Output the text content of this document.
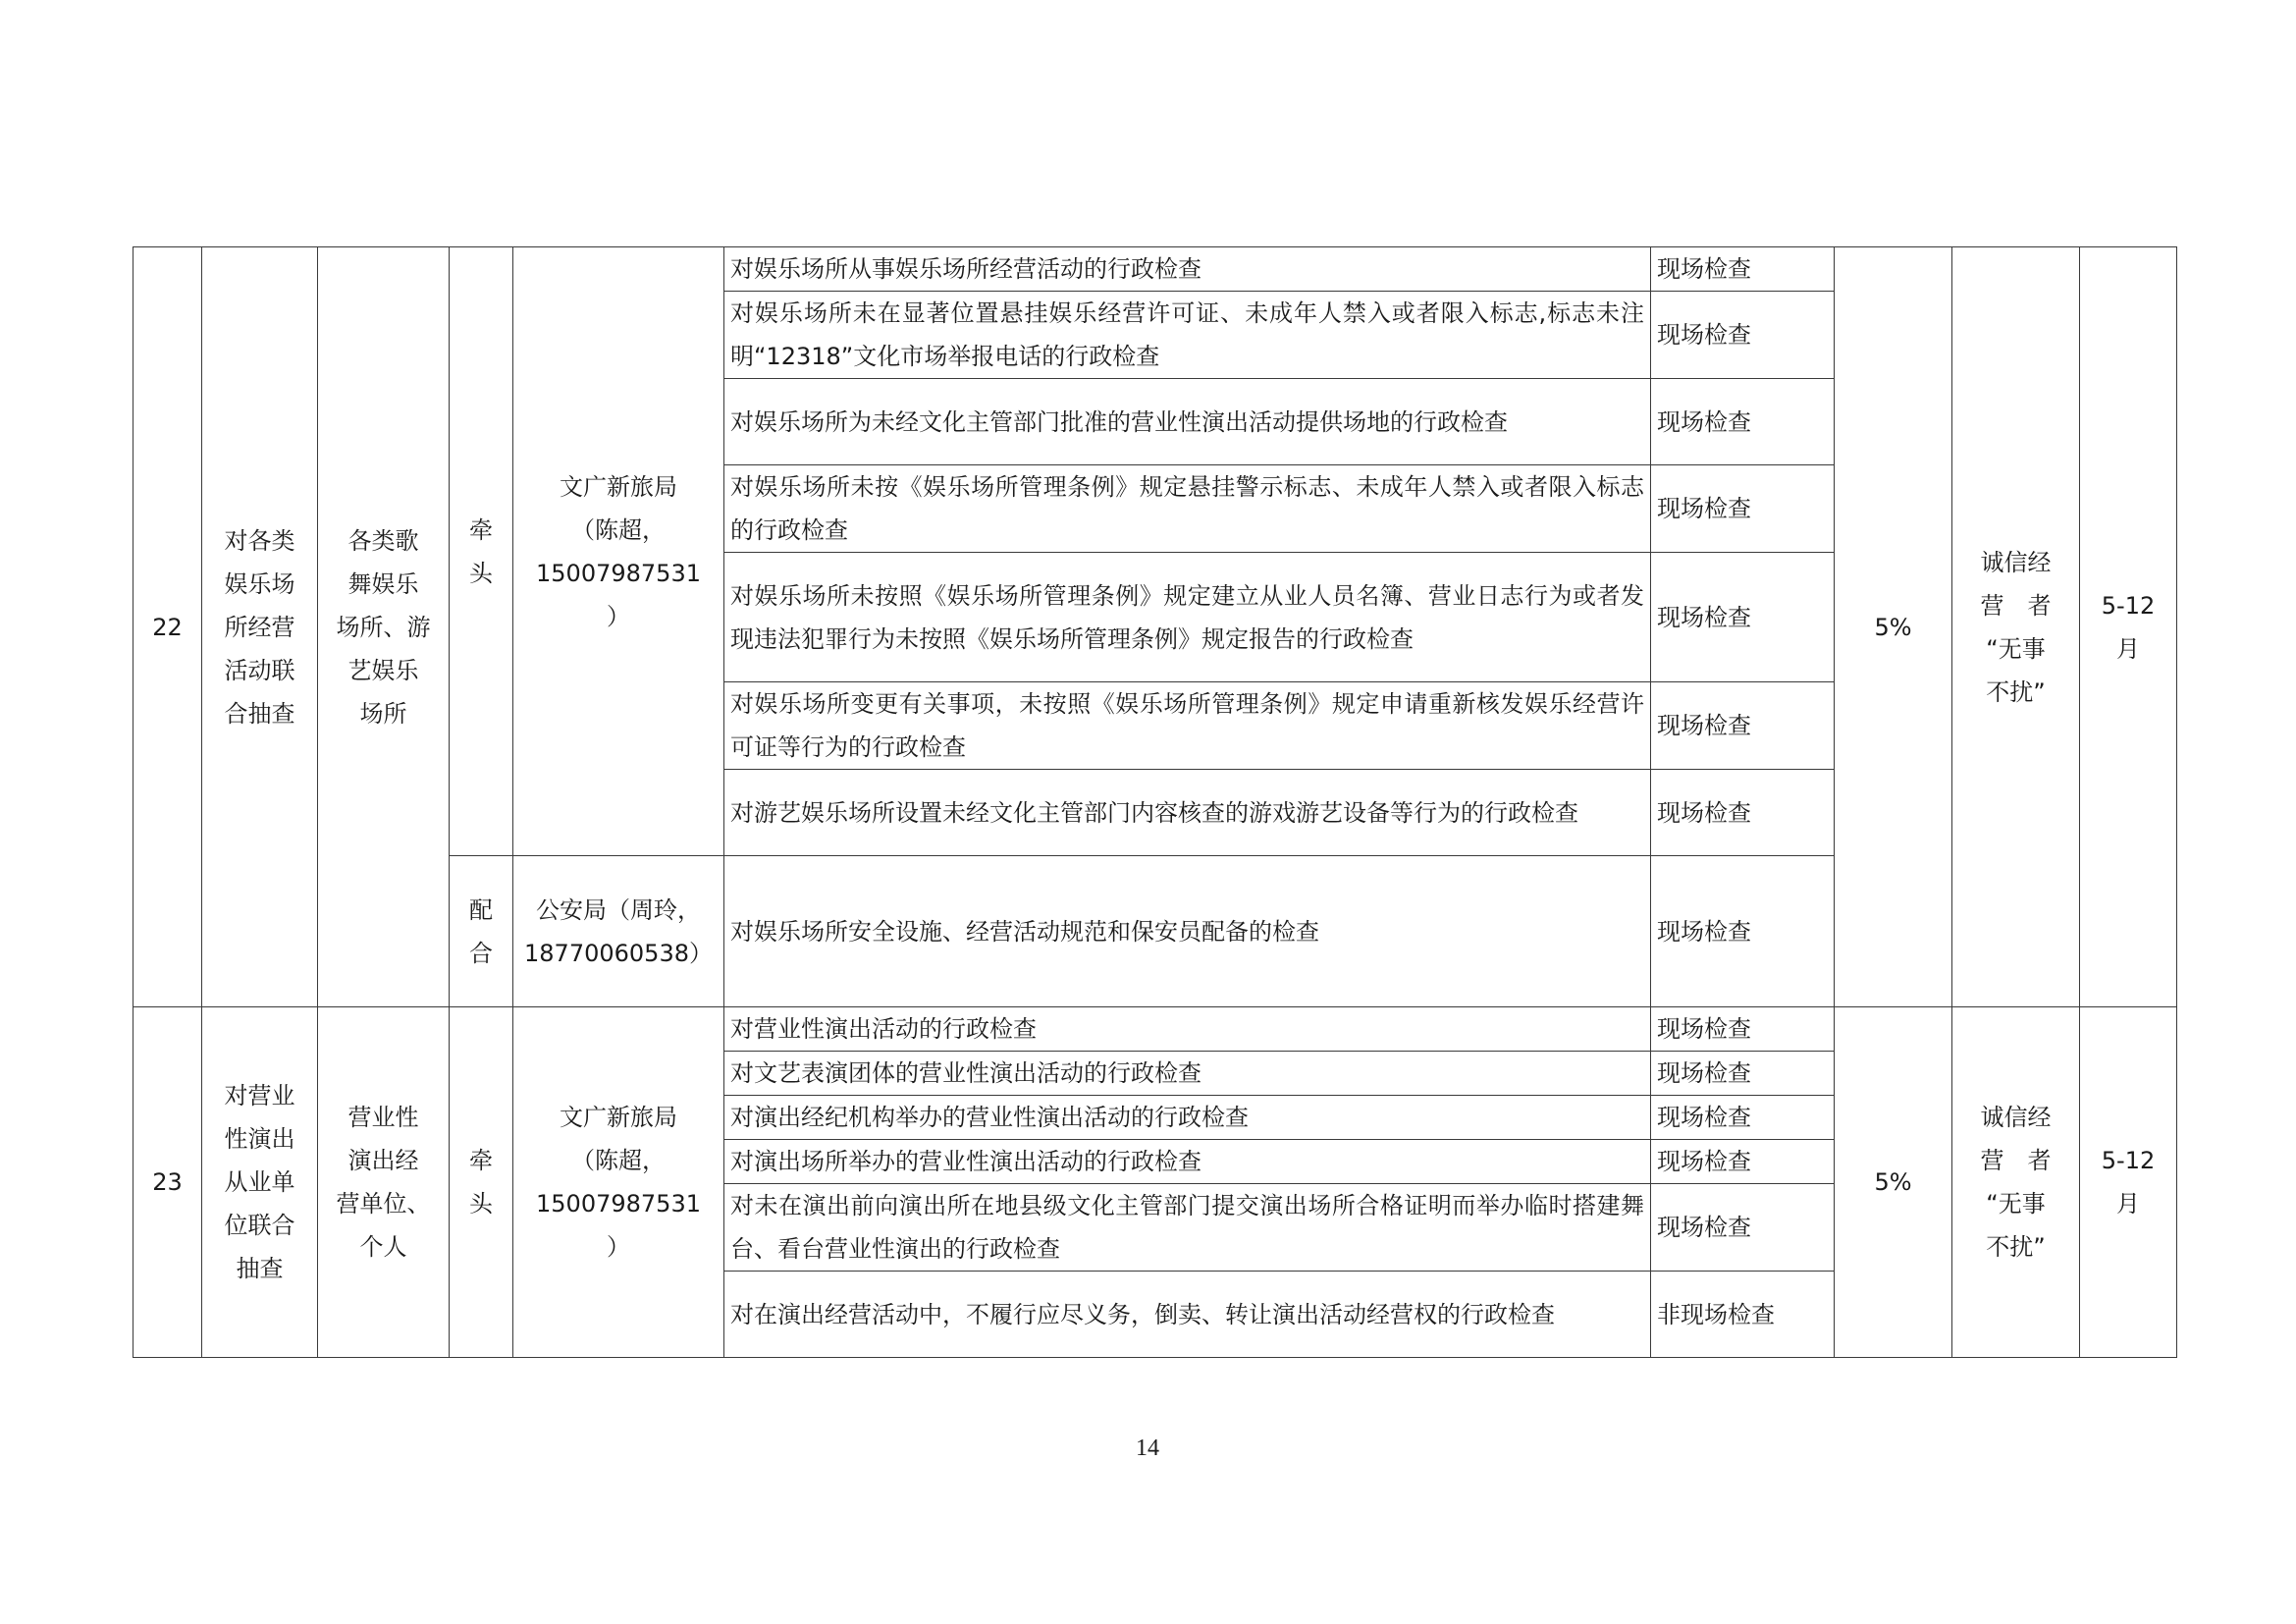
22	对各类
娱乐场
所经营
活动联
合抽查	各类歌
舞娱乐
场所、游
艺娱乐
场所	牵
头	文广新旅局
（陈超，
15007987531
）	对娱乐场所从事娱乐场所经营活动的行政检查	现场检查	5%	诚信经
营　者
“无事
不扰”	5-12
月
					对娱乐场所未在显著位置悬挂娱乐经营许可证、未成年人禁入或者限入标志,标志未注明“12318”文化市场举报电话的行政检查	现场检查			
					对娱乐场所为未经文化主管部门批准的营业性演出活动提供场地的行政检查	现场检查			
					对娱乐场所未按《娱乐场所管理条例》规定悬挂警示标志、未成年人禁入或者限入标志的行政检查	现场检查			
					对娱乐场所未按照《娱乐场所管理条例》规定建立从业人员名簿、营业日志行为或者发现违法犯罪行为未按照《娱乐场所管理条例》规定报告的行政检查	现场检查			
					对娱乐场所变更有关事项，未按照《娱乐场所管理条例》规定申请重新核发娱乐经营许可证等行为的行政检查	现场检查			
					对游艺娱乐场所设置未经文化主管部门内容核查的游戏游艺设备等行为的行政检查	现场检查			
			配
合	公安局（周玲，
18770060538）	对娱乐场所安全设施、经营活动规范和保安员配备的检查	现场检查			
23	对营业
性演出
从业单
位联合
抽查	营业性
演出经
营单位、
个人	牵
头	文广新旅局
（陈超，
15007987531
）	对营业性演出活动的行政检查	现场检查	5%	诚信经
营　者
“无事
不扰”	5-12
月
					对文艺表演团体的营业性演出活动的行政检查	现场检查			
					对演出经纪机构举办的营业性演出活动的行政检查	现场检查			
					对演出场所举办的营业性演出活动的行政检查	现场检查			
					对未在演出前向演出所在地县级文化主管部门提交演出场所合格证明而举办临时搭建舞台、看台营业性演出的行政检查	现场检查			
					对在演出经营活动中，不履行应尽义务，倒卖、转让演出活动经营权的行政检查	非现场检查			
14
